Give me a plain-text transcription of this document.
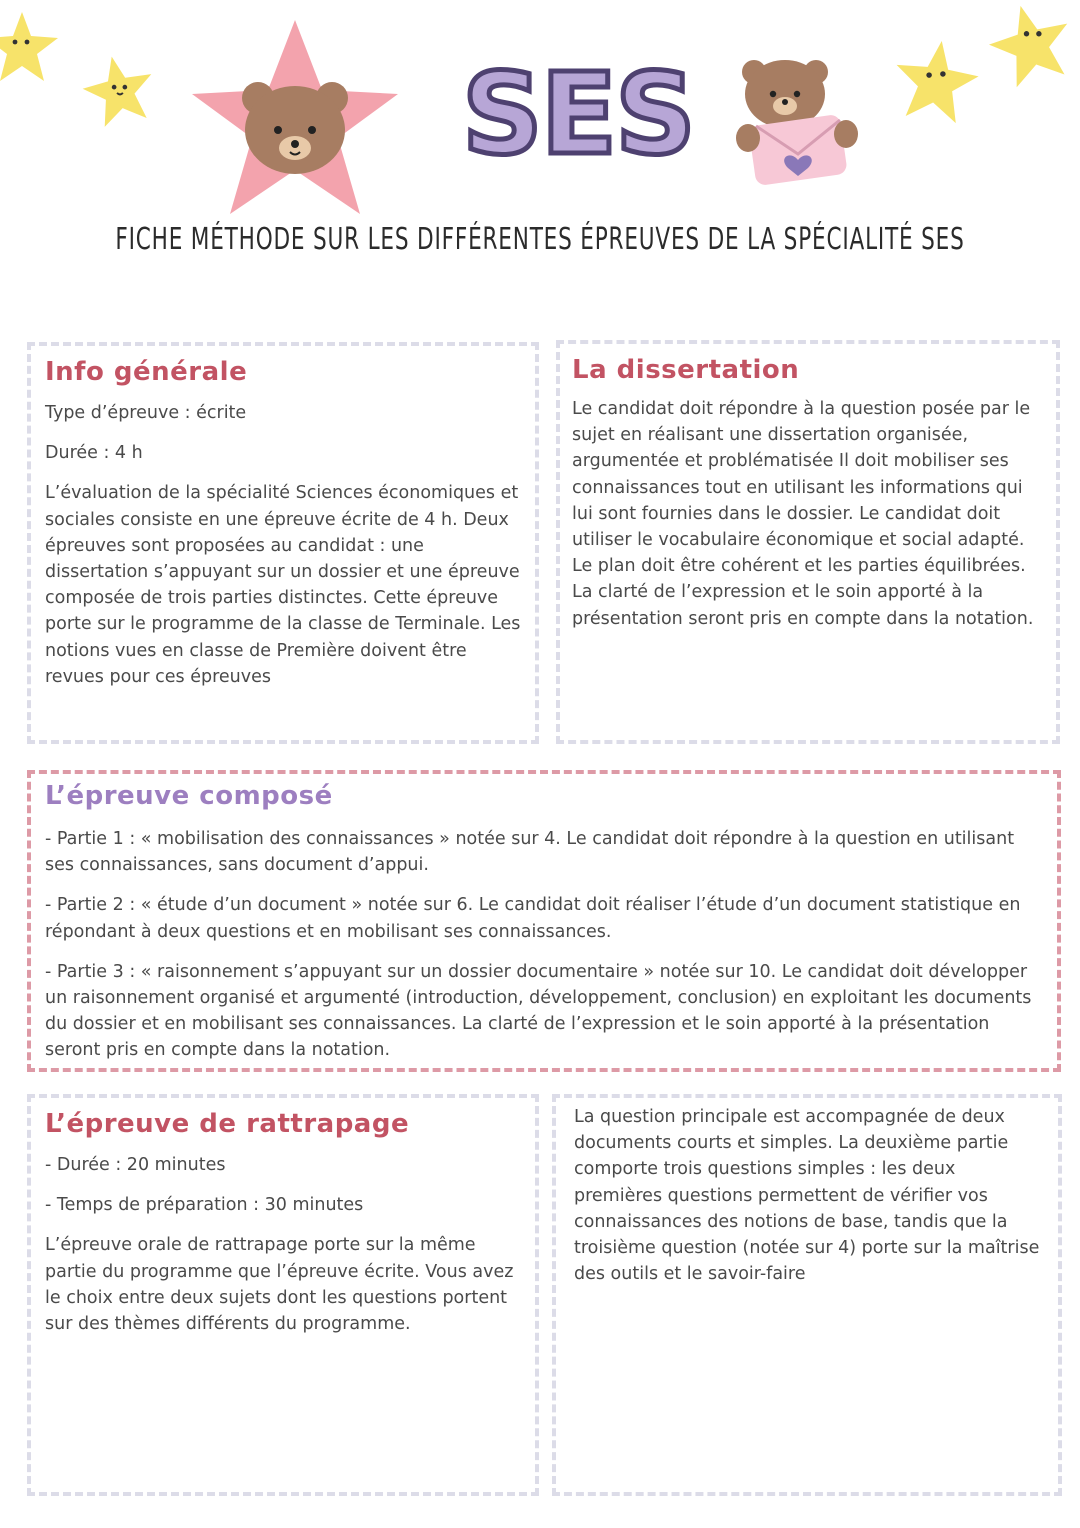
SES
FICHE MÉTHODE SUR LES DIFFÉRENTES ÉPREUVES DE LA SPÉCIALITÉ SES
Info générale

Type d’épreuve : écrite

Durée : 4 h

L’évaluation de la spécialité Sciences économiques et sociales consiste en une épreuve écrite de 4 h. Deux épreuves sont proposées au candidat : une dissertation s’appuyant sur un dossier et une épreuve composée de trois parties distinctes. Cette épreuve porte sur le programme de la classe de Terminale. Les notions vues en classe de Première doivent être revues pour ces épreuves

La dissertation

Le candidat doit répondre à la question posée par le sujet en réalisant une dissertation organisée, argumentée et problématisée Il doit mobiliser ses connaissances tout en utilisant les informations qui lui sont fournies dans le dossier. Le candidat doit utiliser le vocabulaire économique et social adapté. Le plan doit être cohérent et les parties équilibrées. La clarté de l’expression et le soin apporté à la présentation seront pris en compte dans la notation.

L’épreuve composé

- Partie 1 : « mobilisation des connaissances » notée sur 4. Le candidat doit répondre à la question en utilisant ses connaissances, sans document d’appui.

- Partie 2 : « étude d’un document » notée sur 6. Le candidat doit réaliser l’étude d’un document statistique en répondant à deux questions et en mobilisant ses connaissances.

- Partie 3 : « raisonnement s’appuyant sur un dossier documentaire » notée sur 10. Le candidat doit développer un raisonnement organisé et argumenté (introduction, développement, conclusion) en exploitant les documents du dossier et en mobilisant ses connaissances. La clarté de l’expression et le soin apporté à la présentation seront pris en compte dans la notation.

L’épreuve de rattrapage

- Durée : 20 minutes

- Temps de préparation : 30 minutes

L’épreuve orale de rattrapage porte sur la même partie du programme que l’épreuve écrite. Vous avez le choix entre deux sujets dont les questions portent sur des thèmes différents du programme.

La question principale est accompagnée de deux documents courts et simples. La deuxième partie comporte trois questions simples : les deux premières questions permettent de vérifier vos connaissances des notions de base, tandis que la troisième question (notée sur 4) porte sur la maîtrise des outils et le savoir-faire
